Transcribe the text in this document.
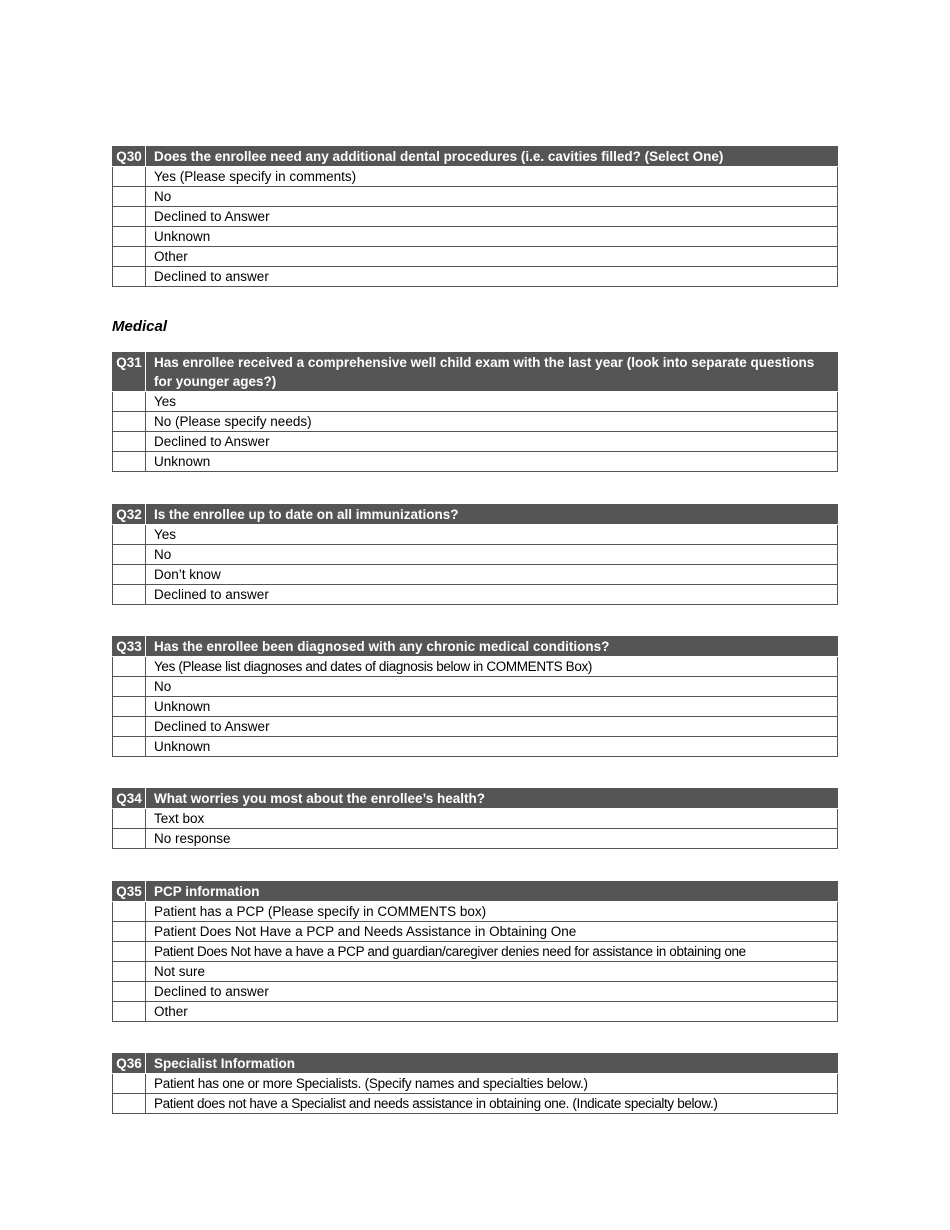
Q30	Does the enrollee need any additional dental procedures (i.e. cavities filled? (Select One)
	Yes (Please specify in comments)
	No
	Declined to Answer
	Unknown
	Other
	Declined to answer
Medical
Q31	Has enrollee received a comprehensive well child exam with the last year (look into separate questions for younger ages?)
	Yes
	No (Please specify needs)
	Declined to Answer
	Unknown
Q32	Is the enrollee up to date on all immunizations?
	Yes
	No
	Don’t know
	Declined to answer
Q33	Has the enrollee been diagnosed with any chronic medical conditions?
	Yes (Please list diagnoses and dates of diagnosis below in COMMENTS Box)
	No
	Unknown
	Declined to Answer
	Unknown
Q34	What worries you most about the enrollee’s health?
	Text box
	No response
Q35	PCP information
	Patient has a PCP (Please specify in COMMENTS box)
	Patient Does Not Have a PCP and Needs Assistance in Obtaining One
	Patient Does Not have a have a PCP and guardian/caregiver denies need for assistance in obtaining one
	Not sure
	Declined to answer
	Other
Q36	Specialist Information
	Patient has one or more Specialists. (Specify names and specialties below.)
	Patient does not have a Specialist and needs assistance in obtaining one. (Indicate specialty below.)
